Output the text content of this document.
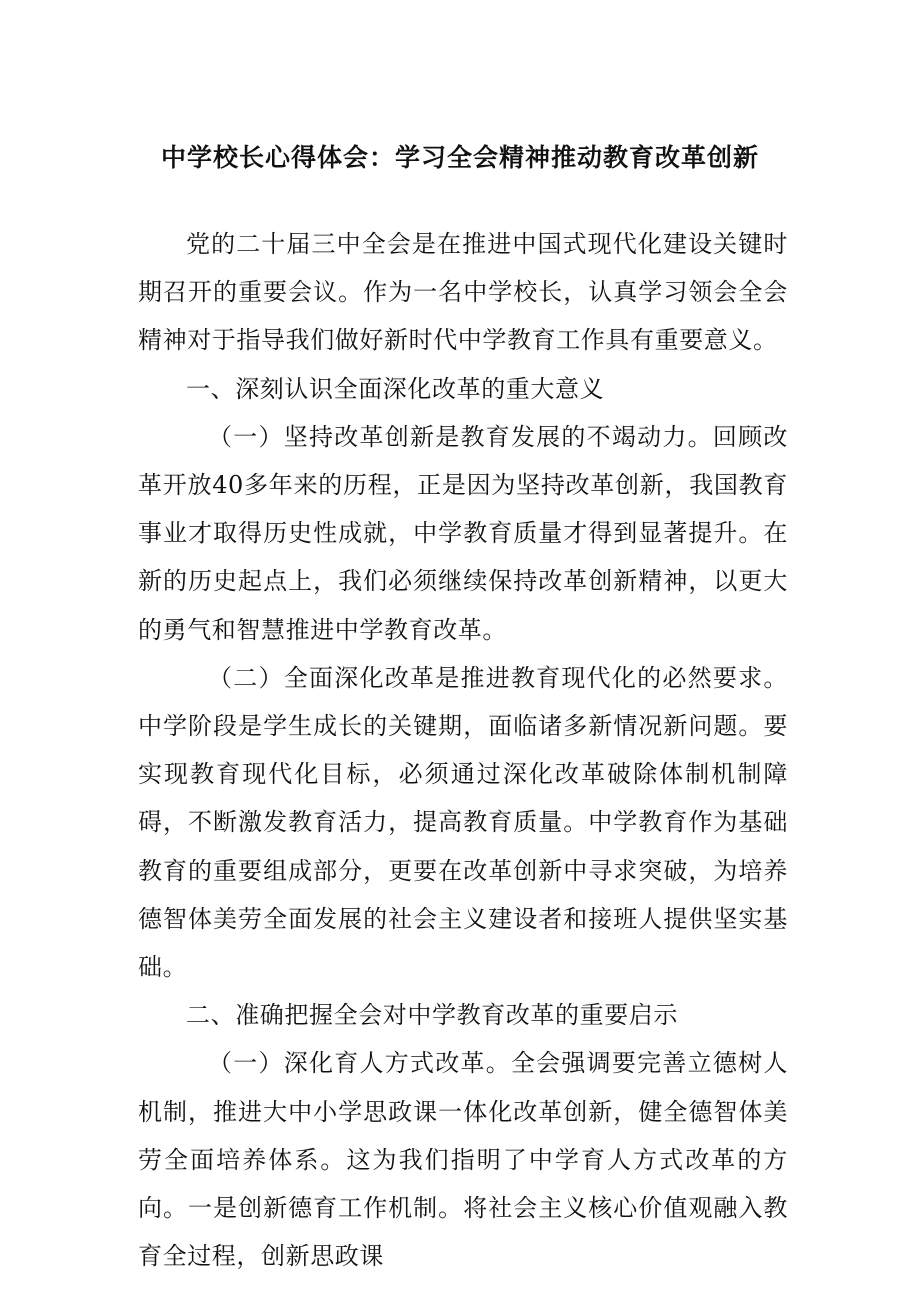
中学校长心得体会：学习全会精神推动教育改革创新

党的二十届三中全会是在推进中国式现代化建设关键时期召开的重要会议。作为一名中学校长，认真学习领会全会精神对于指导我们做好新时代中学教育工作具有重要意义。

一、深刻认识全面深化改革的重大意义

（一）坚持改革创新是教育发展的不竭动力。回顾改革开放40多年来的历程，正是因为坚持改革创新，我国教育事业才取得历史性成就，中学教育质量才得到显著提升。在新的历史起点上，我们必须继续保持改革创新精神，以更大的勇气和智慧推进中学教育改革。

（二）全面深化改革是推进教育现代化的必然要求。中学阶段是学生成长的关键期，面临诸多新情况新问题。要实现教育现代化目标，必须通过深化改革破除体制机制障碍，不断激发教育活力，提高教育质量。中学教育作为基础教育的重要组成部分，更要在改革创新中寻求突破，为培养德智体美劳全面发展的社会主义建设者和接班人提供坚实基础。

二、准确把握全会对中学教育改革的重要启示

（一）深化育人方式改革。全会强调要完善立德树人机制，推进大中小学思政课一体化改革创新，健全德智体美劳全面培养体系。这为我们指明了中学育人方式改革的方向。一是创新德育工作机制。将社会主义核心价值观融入教育全过程，创新思政课
